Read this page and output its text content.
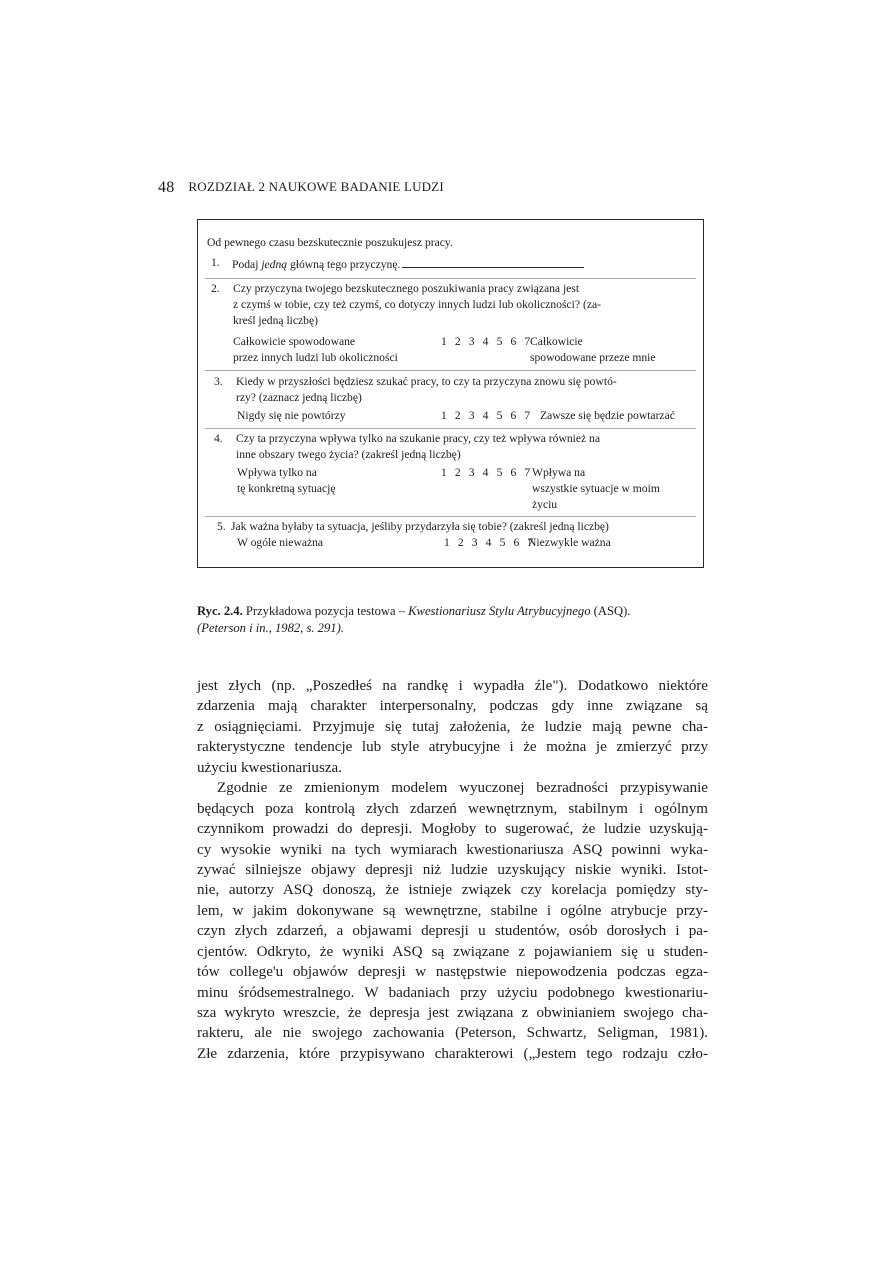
48 ROZDZIAŁ 2 NAUKOWE BADANIE LUDZI
Od pewnego czasu bezskutecznie poszukujesz pracy.
1. Podaj jedną główną tego przyczynę.
2. Czy przyczyna twojego bezskutecznego poszukiwania pracy związana jest
z czymś w tobie, czy też czymś, co dotyczy innych ludzi lub okoliczności? (za-
kreśl jedną liczbę)
Całkowicie spowodowane
przez innych ludzi lub okoliczności
1 2 3 4 5 6 7
Całkowicie
spowodowane przeze mnie
3. Kiedy w przyszłości będziesz szukać pracy, to czy ta przyczyna znowu się powtó-
rzy? (zaznacz jedną liczbę)
Nigdy się nie powtórzy	1 2 3 4 5 6 7 Zawsze się będzie powtarzać
4. Czy ta przyczyna wpływa tylko na szukanie pracy, czy też wpływa również na
inne obszary twego życia? (zakreśl jedną liczbę)
Wpływa tylko na
tę konkretną sytuację
1 2 3 4 5 6 7 Wpływa na
wszystkie sytuacje w moim
życiu
5. Jak ważna byłaby ta sytuacja, jeśliby przydarzyła się tobie? (zakreśl jedną liczbę)
W ogóle nieważna	1 2 3 4 5 6 7
Niezwykle ważna
Ryc. 2.4. Przykładowa pozycja testowa – Kwestionariusz Stylu Atrybucyjnego (ASQ).
(Peterson i in., 1982, s. 291).
jest złych (np. „Poszedłeś na randkę i wypadła źle"). Dodatkowo niektóre
zdarzenia mają charakter interpersonalny, podczas gdy inne związane są
z osiągnięciami. Przyjmuje się tutaj założenia, że ludzie mają pewne cha-
rakterystyczne tendencje lub style atrybucyjne i że można je zmierzyć przy
użyciu kwestionariusza.
Zgodnie ze zmienionym modelem wyuczonej bezradności przypisywanie
będących poza kontrolą złych zdarzeń wewnętrznym, stabilnym i ogólnym
czynnikom prowadzi do depresji. Mogłoby to sugerować, że ludzie uzyskują-
cy wysokie wyniki na tych wymiarach kwestionariusza ASQ powinni wyka-
zywać silniejsze objawy depresji niż ludzie uzyskujący niskie wyniki. Istot-
nie, autorzy ASQ donoszą, że istnieje związek czy korelacja pomiędzy sty-
lem, w jakim dokonywane są wewnętrzne, stabilne i ogólne atrybucje przy-
czyn złych zdarzeń, a objawami depresji u studentów, osób dorosłych i pa-
cjentów. Odkryto, że wyniki ASQ są związane z pojawianiem się u studen-
tów college'u objawów depresji w następstwie niepowodzenia podczas egza-
minu śródsemestralnego. W badaniach przy użyciu podobnego kwestionariu-
sza wykryto wreszcie, że depresja jest związana z obwinianiem swojego cha-
rakteru, ale nie swojego zachowania (Peterson, Schwartz, Seligman, 1981).
Złe zdarzenia, które przypisywano charakterowi („Jestem tego rodzaju czło-
